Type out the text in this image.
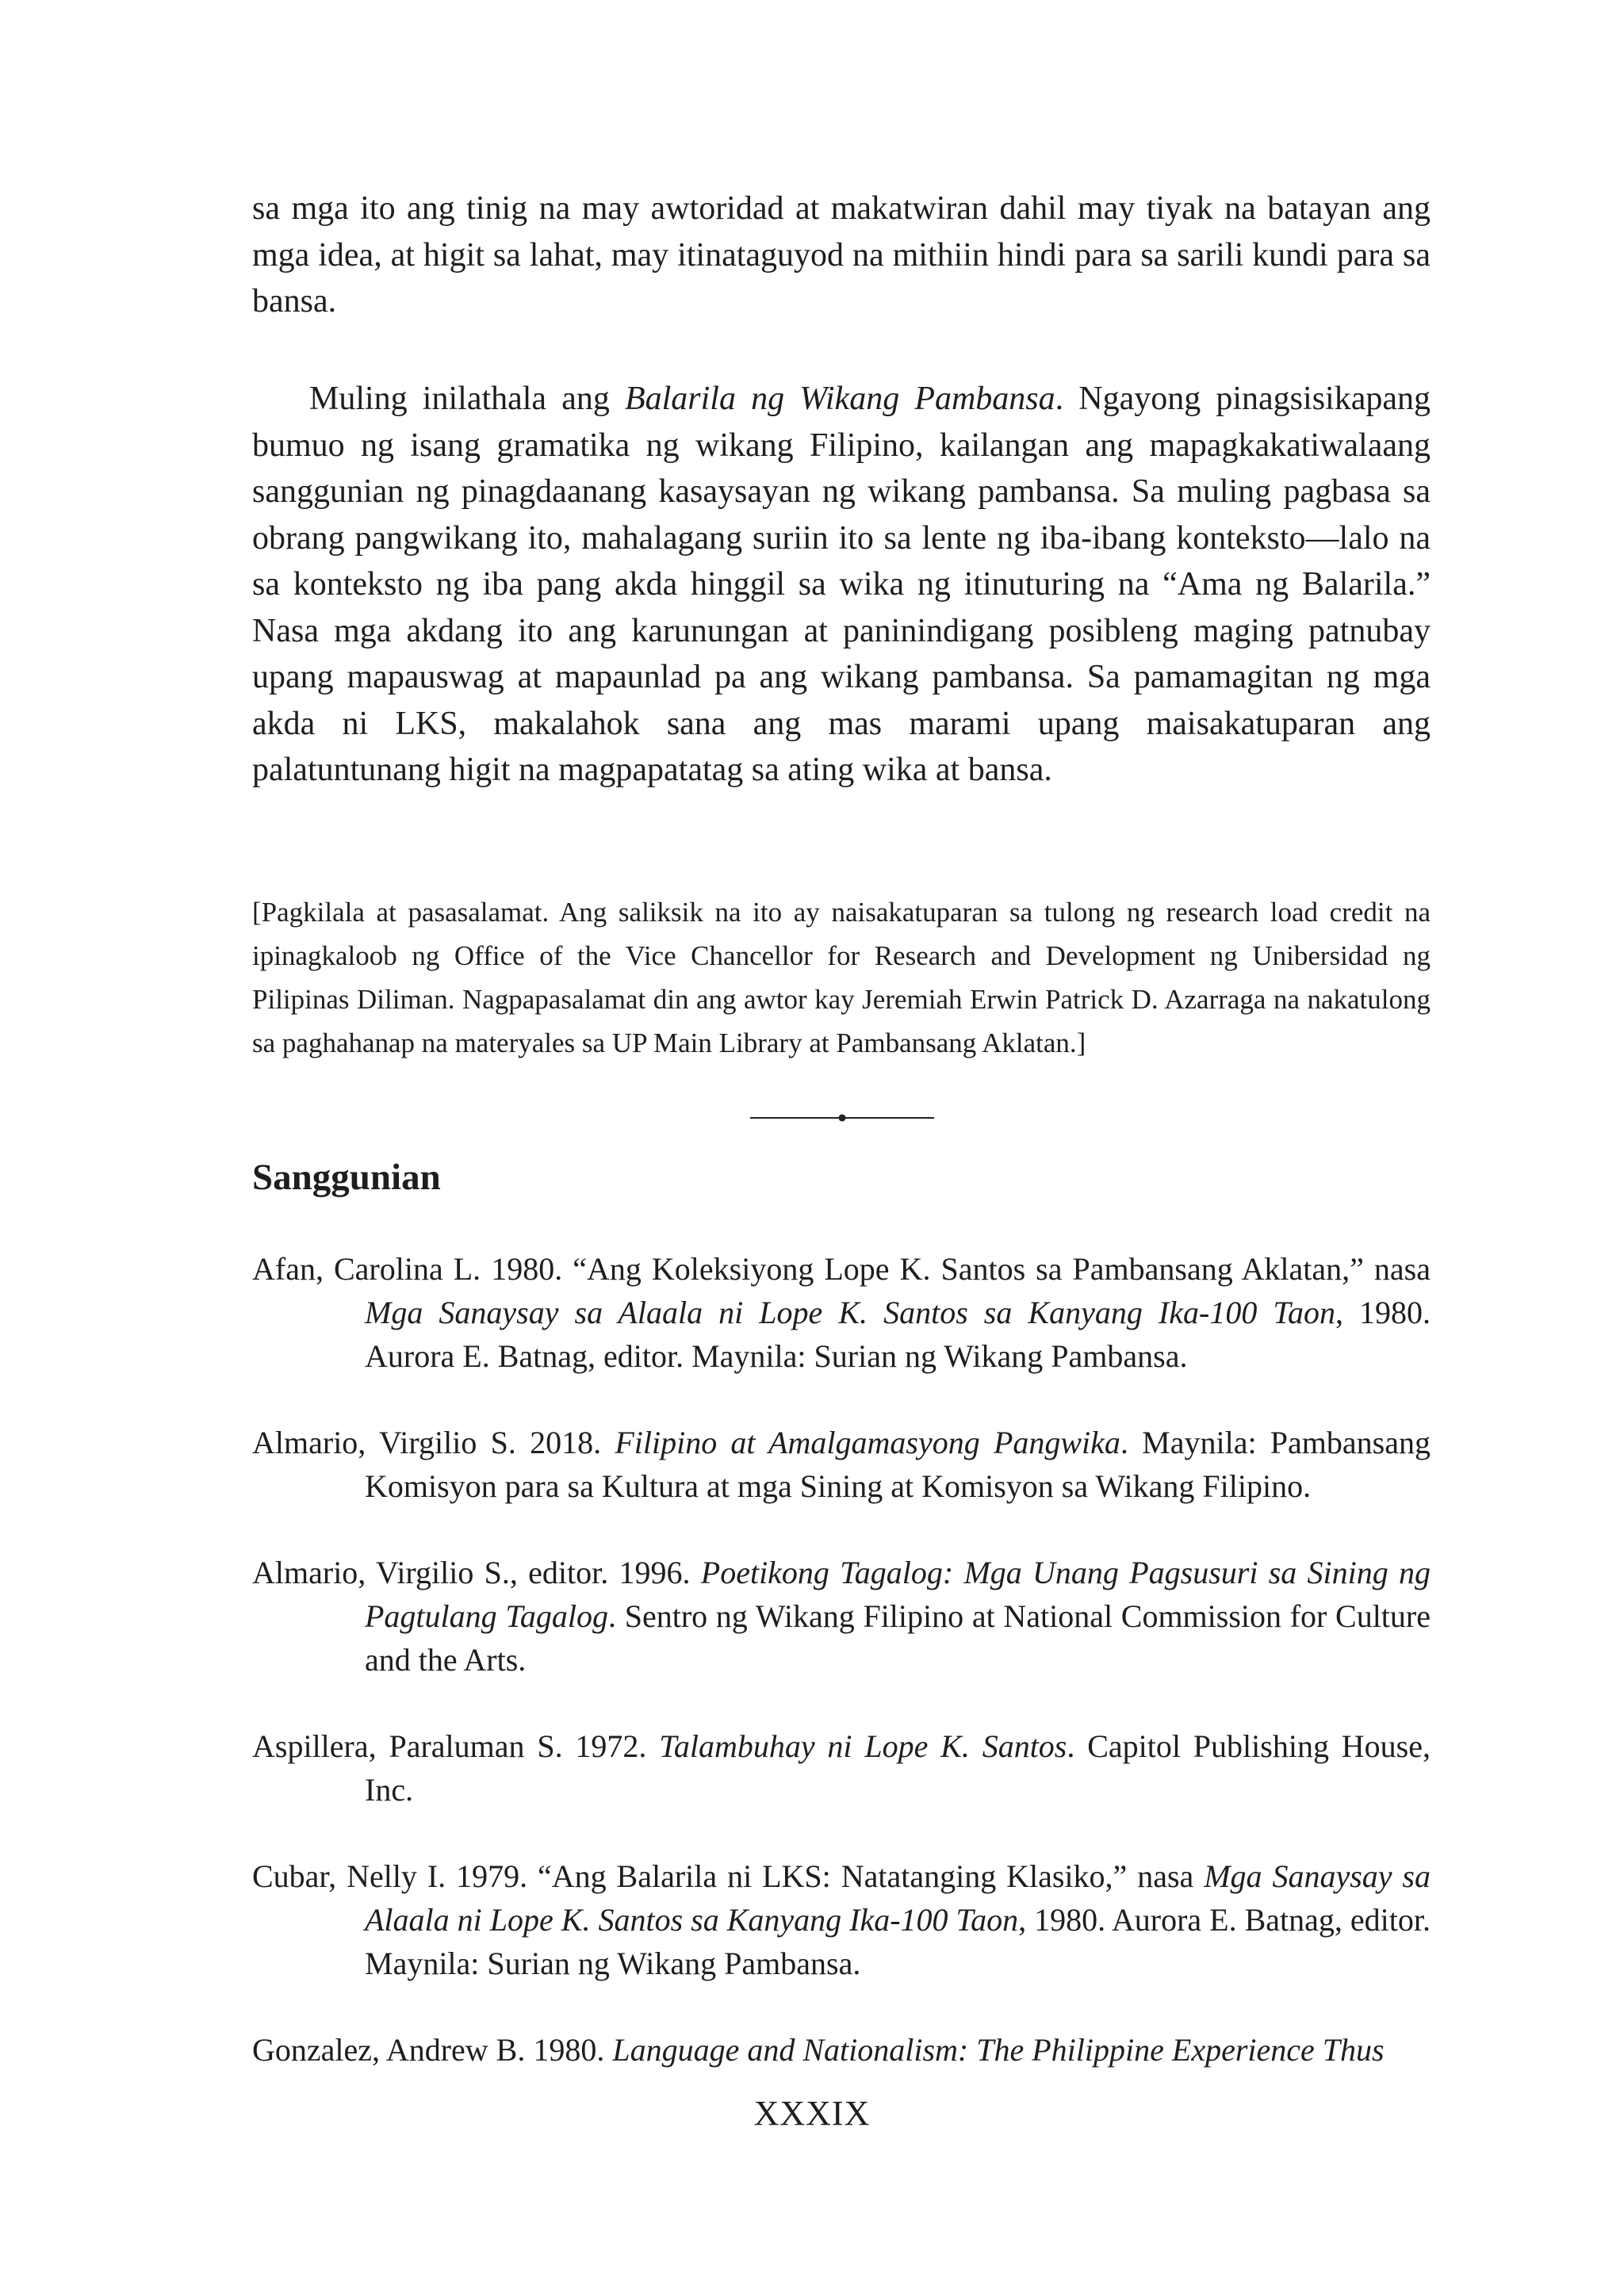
sa mga ito ang tinig na may awtoridad at makatwiran dahil may tiyak na batayan ang mga idea, at higit sa lahat, may itinataguyod na mithiin hindi para sa sarili kundi para sa bansa.

Muling inilathala ang Balarila ng Wikang Pambansa. Ngayong pinagsisikapang bumuo ng isang gramatika ng wikang Filipino, kailangan ang mapagkakatiwalaang sanggunian ng pinagdaanang kasaysayan ng wikang pambansa. Sa muling pagbasa sa obrang pangwikang ito, mahalagang suriin ito sa lente ng iba-ibang konteksto—lalo na sa konteksto ng iba pang akda hinggil sa wika ng itinuturing na “Ama ng Balarila.” Nasa mga akdang ito ang karunungan at paninindigang posibleng maging patnubay upang mapauswag at mapaunlad pa ang wikang pambansa. Sa pamamagitan ng mga akda ni LKS, makalahok sana ang mas marami upang maisakatuparan ang palatuntunang higit na magpapatatag sa ating wika at bansa.

[Pagkilala at pasasalamat. Ang saliksik na ito ay naisakatuparan sa tulong ng research load credit na ipinagkaloob ng Office of the Vice Chancellor for Research and Development ng Unibersidad ng Pilipinas Diliman. Nagpapasalamat din ang awtor kay Jeremiah Erwin Patrick D. Azarraga na nakatulong sa paghahanap na materyales sa UP Main Library at Pambansang Aklatan.]

Sanggunian

Afan, Carolina L. 1980. “Ang Koleksiyong Lope K. Santos sa Pambansang Aklatan,” nasa Mga Sanaysay sa Alaala ni Lope K. Santos sa Kanyang Ika-100 Taon, 1980. Aurora E. Batnag, editor. Maynila: Surian ng Wikang Pambansa.

Almario, Virgilio S. 2018. Filipino at Amalgamasyong Pangwika. Maynila: Pambansang Komisyon para sa Kultura at mga Sining at Komisyon sa Wikang Filipino.

Almario, Virgilio S., editor. 1996. Poetikong Tagalog: Mga Unang Pagsusuri sa Sining ng Pagtulang Tagalog. Sentro ng Wikang Filipino at National Commission for Culture and the Arts.

Aspillera, Paraluman S. 1972. Talambuhay ni Lope K. Santos. Capitol Publishing House, Inc.

Cubar, Nelly I. 1979. “Ang Balarila ni LKS: Natatanging Klasiko,” nasa Mga Sanaysay sa Alaala ni Lope K. Santos sa Kanyang Ika-100 Taon, 1980. Aurora E. Batnag, editor. Maynila: Surian ng Wikang Pambansa.

Gonzalez, Andrew B. 1980. Language and Nationalism: The Philippine Experience Thus

XXXIX
